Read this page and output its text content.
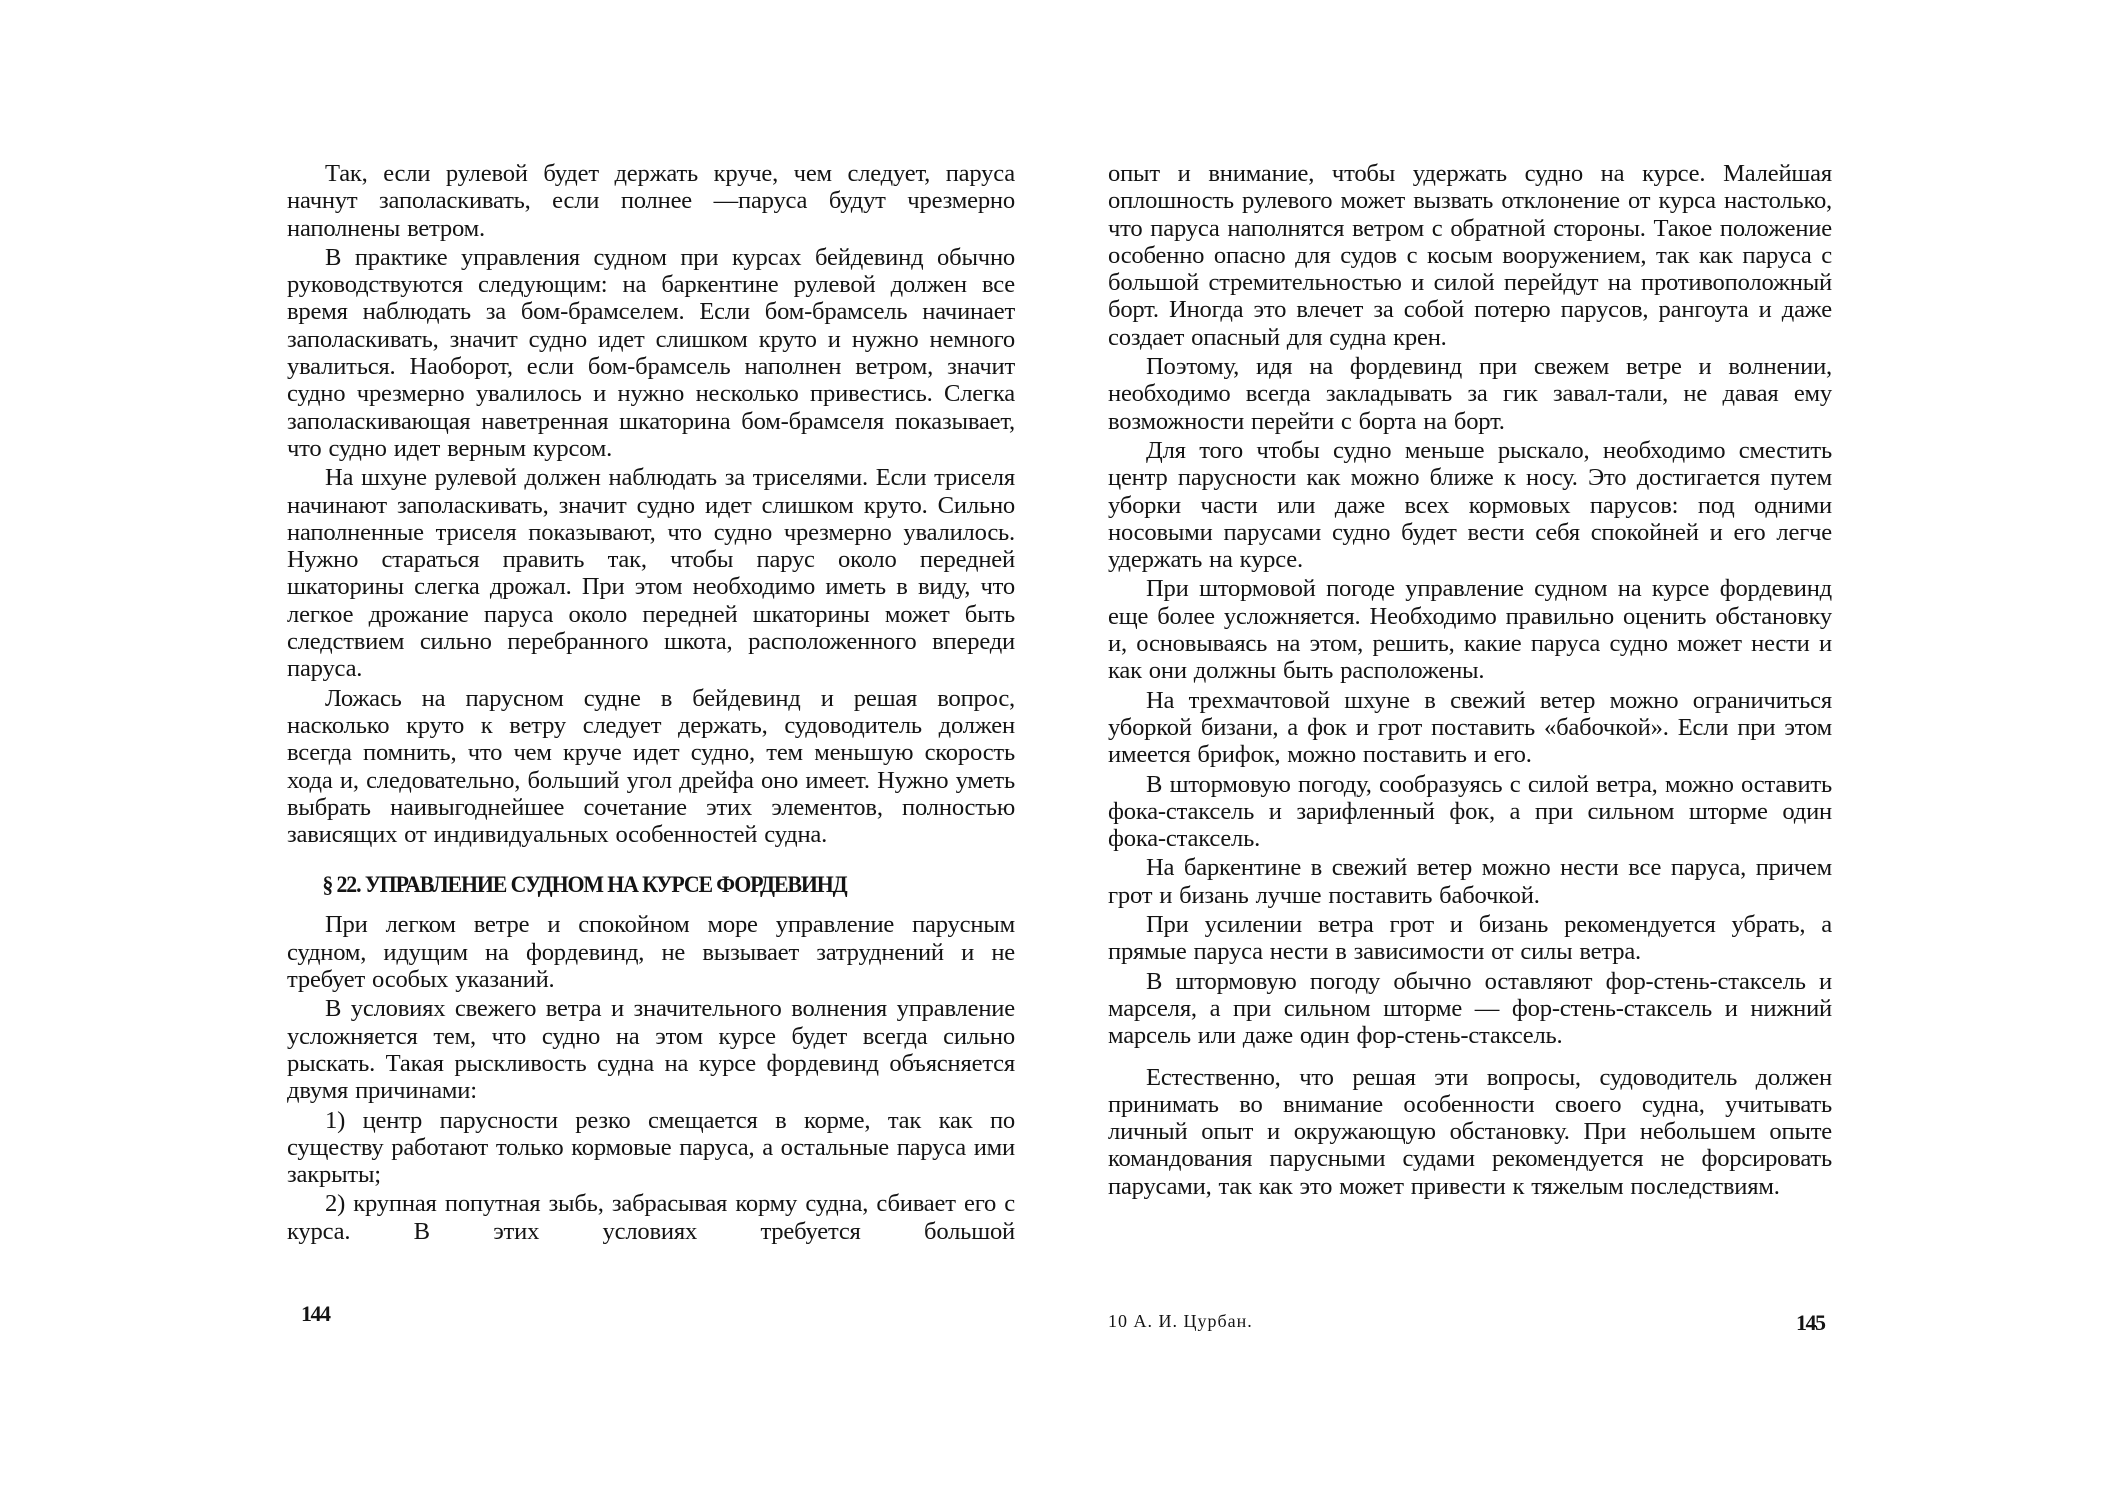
Так, если рулевой будет держать круче, чем следует, паруса начнут заполаскивать, если полнее —паруса будут чрезмерно наполнены ветром.

В практике управления судном при курсах бейдевинд обычно руководствуются следующим: на баркентине рулевой должен все время наблюдать за бом-брамселем. Если бом-брамсель начинает заполаскивать, значит судно идет слишком круто и нужно немного увалиться. Наоборот, если бом-брамсель наполнен ветром, значит судно чрезмерно увалилось и нужно несколько привестись. Слегка заполаскивающая наветренная шкаторина бом-брамселя показывает, что судно идет верным курсом.

На шхуне рулевой должен наблюдать за триселями. Если триселя начинают заполаскивать, значит судно идет слишком круто. Сильно наполненные триселя показывают, что судно чрезмерно увалилось. Нужно стараться править так, чтобы парус около передней шкаторины слегка дрожал. При этом необходимо иметь в виду, что легкое дрожание паруса около передней шкаторины может быть следствием сильно перебранного шкота, расположенного впереди паруса.

Ложась на парусном судне в бейдевинд и решая вопрос, насколько круто к ветру следует держать, судоводитель должен всегда помнить, что чем круче идет судно, тем меньшую скорость хода и, следовательно, больший угол дрейфа оно имеет. Нужно уметь выбрать наивыгоднейшее сочетание этих элементов, полностью зависящих от индивидуальных особенностей судна.

§ 22. УПРАВЛЕНИЕ СУДНОМ НА КУРСЕ ФОРДЕВИНД

При легком ветре и спокойном море управление парусным судном, идущим на фордевинд, не вызывает затруднений и не требует особых указаний.

В условиях свежего ветра и значительного волнения управление усложняется тем, что судно на этом курсе будет всегда сильно рыскать. Такая рыскливость судна на курсе фордевинд объясняется двумя причинами:

1) центр парусности резко смещается в корме, так как по существу работают только кормовые паруса, а остальные паруса ими закрыты;

2) крупная попутная зыбь, забрасывая корму судна, сбивает его с курса. В этих условиях требуется большой

144

опыт и внимание, чтобы удержать судно на курсе. Малейшая оплошность рулевого может вызвать отклонение от курса настолько, что паруса наполнятся ветром с обратной стороны. Такое положение особенно опасно для судов с косым вооружением, так как паруса с большой стремительностью и силой перейдут на противоположный борт. Иногда это влечет за собой потерю парусов, рангоута и даже создает опасный для судна крен.

Поэтому, идя на фордевинд при свежем ветре и волнении, необходимо всегда закладывать за гик завал-тали, не давая ему возможности перейти с борта на борт.

Для того чтобы судно меньше рыскало, необходимо сместить центр парусности как можно ближе к носу. Это достигается путем уборки части или даже всех кормовых парусов: под одними носовыми парусами судно будет вести себя спокойней и его легче удержать на курсе.

При штормовой погоде управление судном на курсе фордевинд еще более усложняется. Необходимо правильно оценить обстановку и, основываясь на этом, решить, какие паруса судно может нести и как они должны быть расположены.

На трехмачтовой шхуне в свежий ветер можно ограничиться уборкой бизани, а фок и грот поставить «бабочкой». Если при этом имеется брифок, можно поставить и его.

В штормовую погоду, сообразуясь с силой ветра, можно оставить фока-стаксель и зарифленный фок, а при сильном шторме один фока-стаксель.

На баркентине в свежий ветер можно нести все паруса, причем грот и бизань лучше поставить бабочкой.

При усилении ветра грот и бизань рекомендуется убрать, а прямые паруса нести в зависимости от силы ветра.

В штормовую погоду обычно оставляют фор-стень-стаксель и марселя, а при сильном шторме — фор-стень-стаксель и нижний марсель или даже один фор-стень-стаксель.

Естественно, что решая эти вопросы, судоводитель должен принимать во внимание особенности своего судна, учитывать личный опыт и окружающую обстановку. При небольшем опыте командования парусными судами рекомендуется не форсировать парусами, так как это может привести к тяжелым последствиям.

10 А. И. Цурбан.	145
